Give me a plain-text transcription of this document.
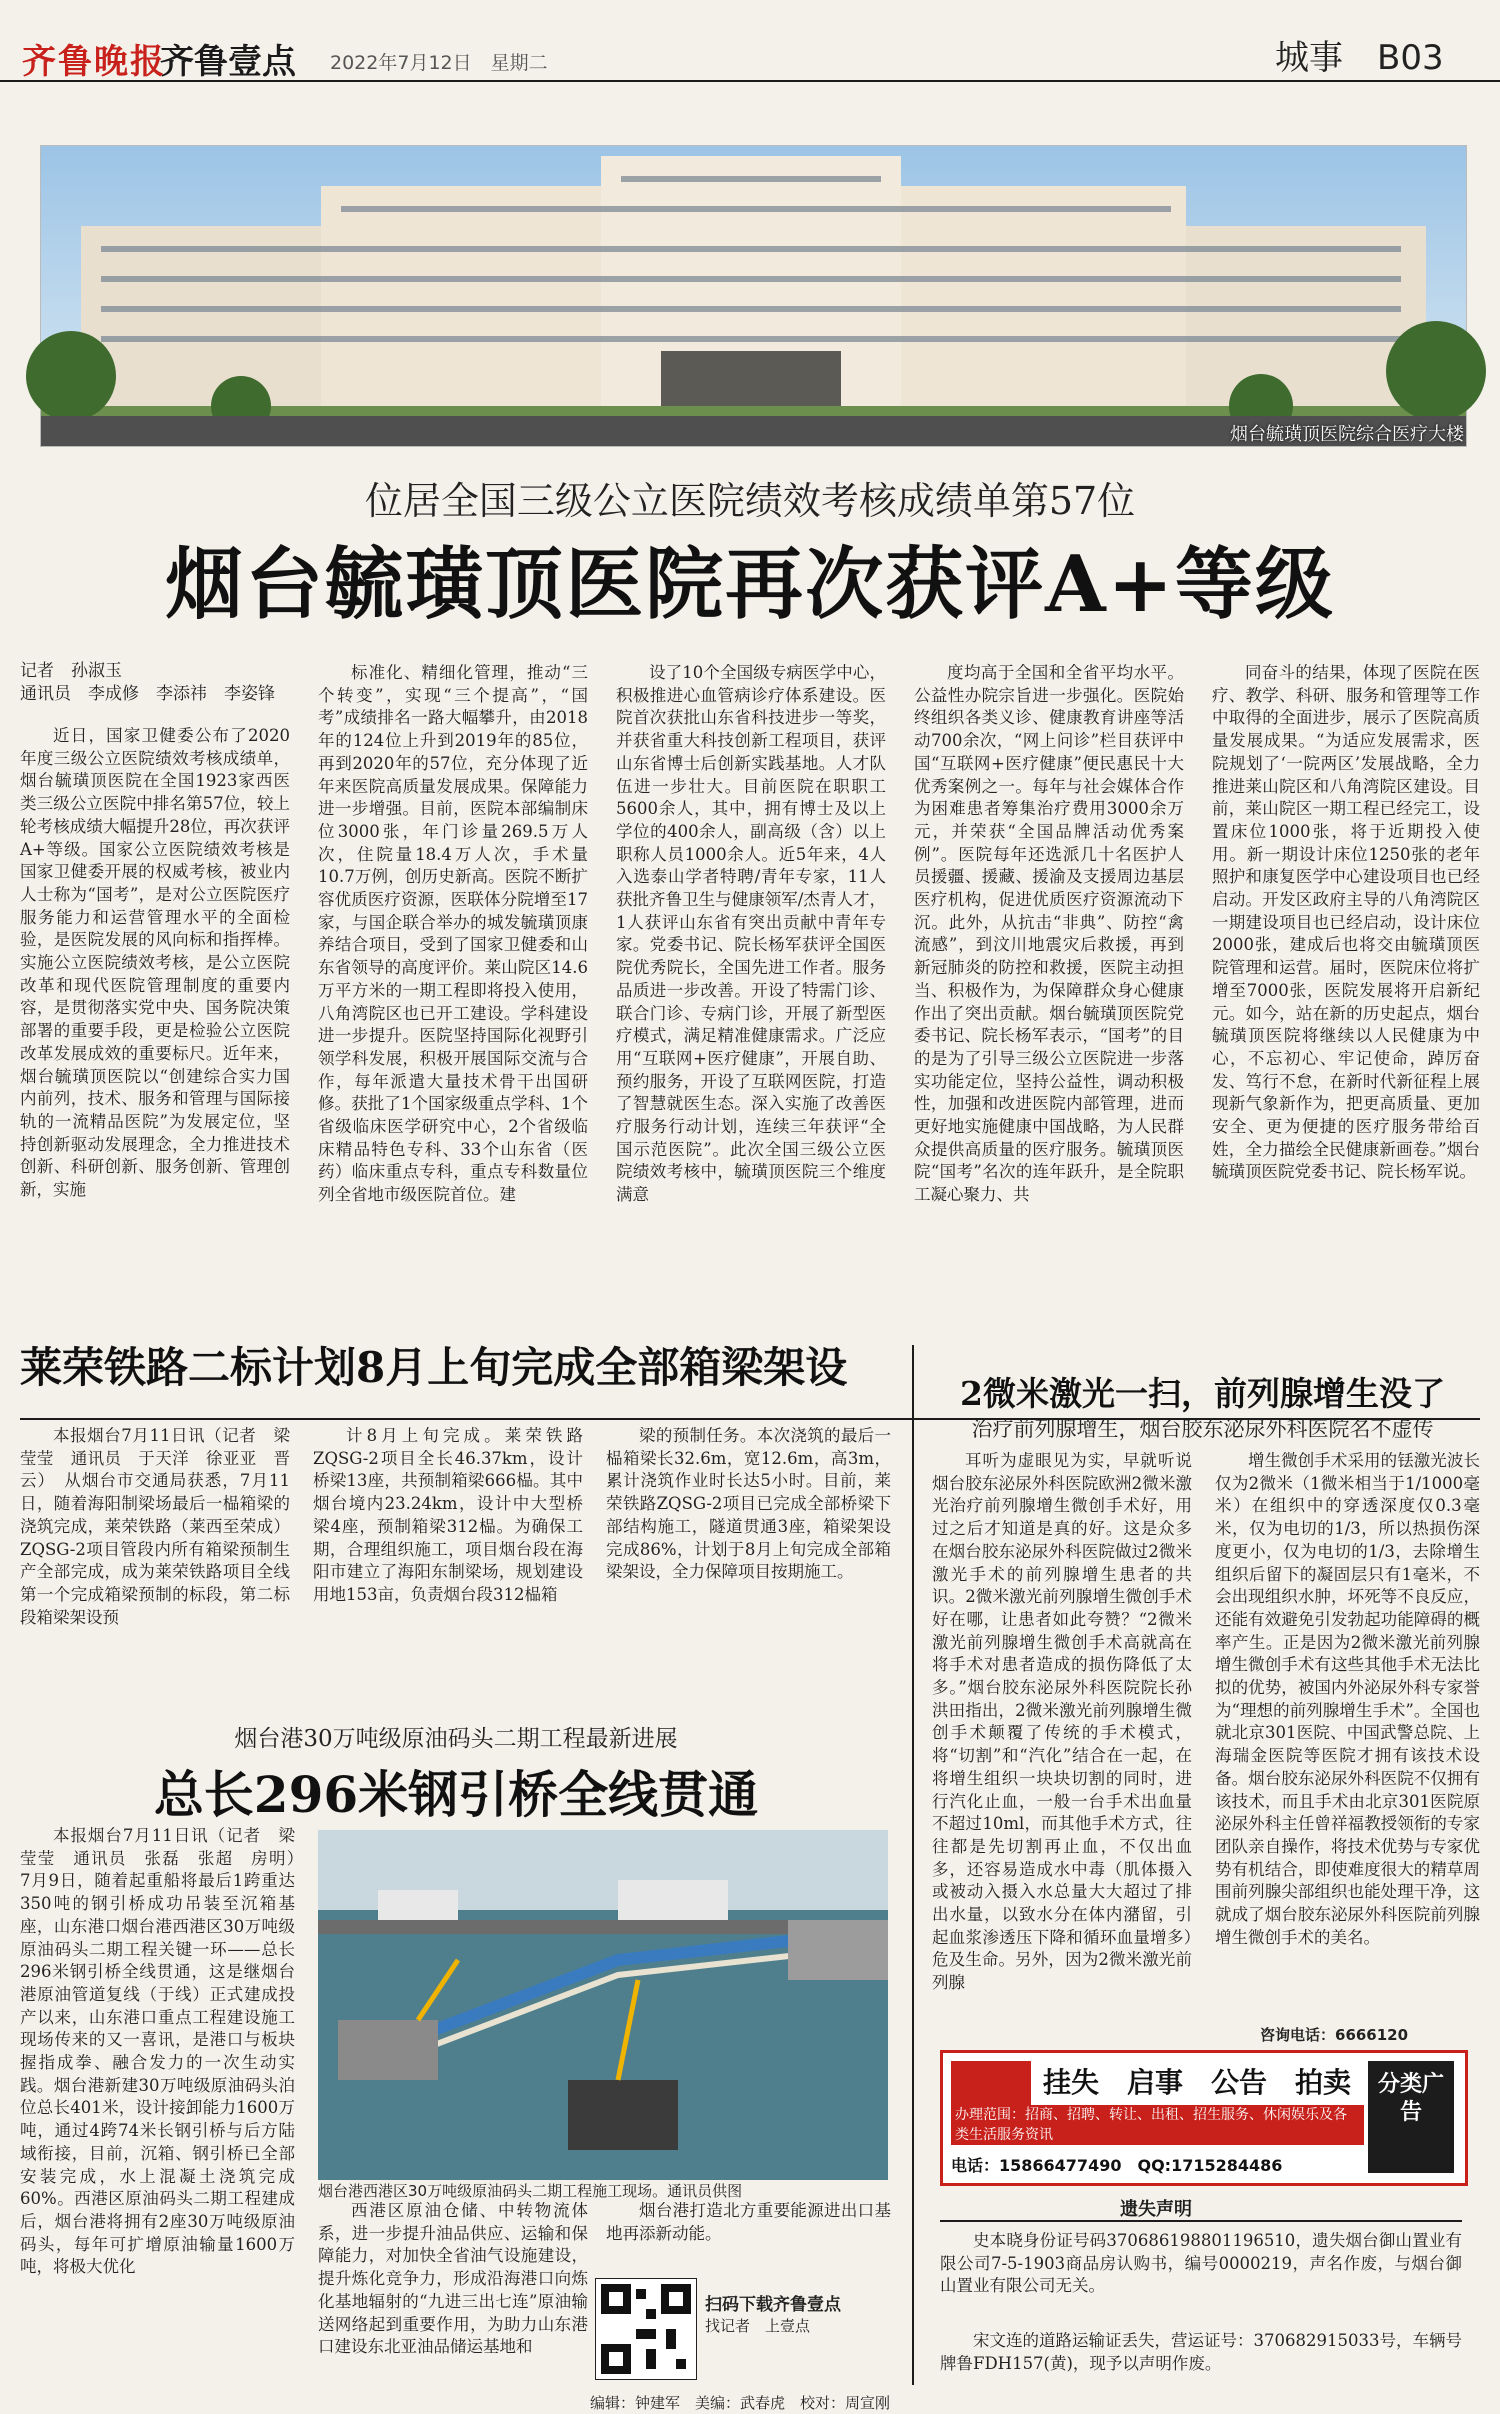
齐鲁晚报
齐鲁壹点 2022年7月12日　 星期二	城事　 B03
烟台毓璜顶医院综合医疗大楼
位居全国三级公立医院绩效考核成绩单第57位
烟台毓璜顶医院再次获评A+等级
记者　孙淑玉
通讯员　李成修　李添祎　李姿锋

近日，国家卫健委公布了2020年度三级公立医院绩效考核成绩单，烟台毓璜顶医院在全国1923家西医类三级公立医院中排名第57位，较上轮考核成绩大幅提升28位，再次获评A+等级。国家公立医院绩效考核是国家卫健委开展的权威考核，被业内人士称为“国考”，是对公立医院医疗服务能力和运营管理水平的全面检验，是医院发展的风向标和指挥棒。实施公立医院绩效考核，是公立医院改革和现代医院管理制度的重要内容，是贯彻落实党中央、国务院决策部署的重要手段，更是检验公立医院改革发展成效的重要标尺。近年来，烟台毓璜顶医院以“创建综合实力国内前列，技术、服务和管理与国际接轨的一流精品医院”为发展定位，坚持创新驱动发展理念，全力推进技术创新、科研创新、服务创新、管理创新，实施

标准化、精细化管理，推动“三个转变”，实现“三个提高”，“国考”成绩排名一路大幅攀升，由2018年的124位上升到2019年的85位，再到2020年的57位，充分体现了近年来医院高质量发展成果。保障能力进一步增强。目前，医院本部编制床位3000张，年门诊量269.5万人次，住院量18.4万人次，手术量10.7万例，创历史新高。医院不断扩容优质医疗资源，医联体分院增至17家，与国企联合举办的城发毓璜顶康养结合项目，受到了国家卫健委和山东省领导的高度评价。莱山院区14.6万平方米的一期工程即将投入使用，八角湾院区也已开工建设。学科建设进一步提升。医院坚持国际化视野引领学科发展，积极开展国际交流与合作，每年派遣大量技术骨干出国研修。获批了1个国家级重点学科、1个省级临床医学研究中心，2个省级临床精品特色专科、33个山东省（医药）临床重点专科，重点专科数量位列全省地市级医院首位。建

设了10个全国级专病医学中心，积极推进心血管病诊疗体系建设。医院首次获批山东省科技进步一等奖，并获省重大科技创新工程项目，获评山东省博士后创新实践基地。人才队伍进一步壮大。目前医院在职职工5600余人，其中，拥有博士及以上学位的400余人，副高级（含）以上职称人员1000余人。近5年来，4人入选泰山学者特聘/青年专家，11人获批齐鲁卫生与健康领军/杰青人才，1人获评山东省有突出贡献中青年专家。党委书记、院长杨军获评全国医院优秀院长，全国先进工作者。服务品质进一步改善。开设了特需门诊、联合门诊、专病门诊，开展了新型医疗模式，满足精准健康需求。广泛应用“互联网+医疗健康”，开展自助、预约服务，开设了互联网医院，打造了智慧就医生态。深入实施了改善医疗服务行动计划，连续三年获评“全国示范医院”。此次全国三级公立医院绩效考核中，毓璜顶医院三个维度满意

度均高于全国和全省平均水平。公益性办院宗旨进一步强化。医院始终组织各类义诊、健康教育讲座等活动700余次，“网上问诊”栏目获评中国“互联网+医疗健康”便民惠民十大优秀案例之一。每年与社会媒体合作为困难患者筹集治疗费用3000余万元，并荣获“全国品牌活动优秀案例”。医院每年还选派几十名医护人员援疆、援藏、援渝及支援周边基层医疗机构，促进优质医疗资源流动下沉。此外，从抗击“非典”、防控“禽流感”，到汶川地震灾后救援，再到新冠肺炎的防控和救援，医院主动担当、积极作为，为保障群众身心健康作出了突出贡献。烟台毓璜顶医院党委书记、院长杨军表示，“国考”的目的是为了引导三级公立医院进一步落实功能定位，坚持公益性，调动积极性，加强和改进医院内部管理，进而更好地实施健康中国战略，为人民群众提供高质量的医疗服务。毓璜顶医院“国考”名次的连年跃升，是全院职工凝心聚力、共

同奋斗的结果，体现了医院在医疗、教学、科研、服务和管理等工作中取得的全面进步，展示了医院高质量发展成果。“为适应发展需求，医院规划了‘一院两区’发展战略，全力推进莱山院区和八角湾院区建设。目前，莱山院区一期工程已经完工，设置床位1000张，将于近期投入使用。新一期设计床位1250张的老年照护和康复医学中心建设项目也已经启动。开发区政府主导的八角湾院区一期建设项目也已经启动，设计床位2000张，建成后也将交由毓璜顶医院管理和运营。届时，医院床位将扩增至7000张，医院发展将开启新纪元。如今，站在新的历史起点，烟台毓璜顶医院将继续以人民健康为中心，不忘初心、牢记使命，踔厉奋发、笃行不怠，在新时代新征程上展现新气象新作为，把更高质量、更加安全、更为便捷的医疗服务带给百姓，全力描绘全民健康新画卷。”烟台毓璜顶医院党委书记、院长杨军说。

莱荣铁路二标计划8月上旬完成全部箱梁架设

本报烟台7月11日讯（记者　梁莹莹　通讯员　于天洋　徐亚亚　晋云）　从烟台市交通局获悉，7月11日，随着海阳制梁场最后一榀箱梁的浇筑完成，莱荣铁路（莱西至荣成）ZQSG-2项目管段内所有箱梁预制生产全部完成，成为莱荣铁路项目全线第一个完成箱梁预制的标段，第二标段箱梁架设预

计8月上旬完成。莱荣铁路ZQSG-2项目全长46.37km，设计桥梁13座，共预制箱梁666榀。其中烟台境内23.24km，设计中大型桥梁4座，预制箱梁312榀。为确保工期，合理组织施工，项目烟台段在海阳市建立了海阳东制梁场，规划建设用地153亩，负责烟台段312榀箱

梁的预制任务。本次浇筑的最后一榀箱梁长32.6m，宽12.6m，高3m，累计浇筑作业时长达5小时。目前，莱荣铁路ZQSG-2项目已完成全部桥梁下部结构施工，隧道贯通3座，箱梁架设完成86%，计划于8月上旬完成全部箱梁架设，全力保障项目按期施工。

烟台港30万吨级原油码头二期工程最新进展
总长296米钢引桥全线贯通

本报烟台7月11日讯（记者　梁莹莹　通讯员　张磊　张超　房明）　7月9日，随着起重船将最后1跨重达350吨的钢引桥成功吊装至沉箱基座，山东港口烟台港西港区30万吨级原油码头二期工程关键一环——总长296米钢引桥全线贯通，这是继烟台港原油管道复线（于线）正式建成投产以来，山东港口重点工程建设施工现场传来的又一喜讯，是港口与板块握指成拳、融合发力的一次生动实践。烟台港新建30万吨级原油码头泊位总长401米，设计接卸能力1600万吨，通过4跨74米长钢引桥与后方陆域衔接，目前，沉箱、钢引桥已全部安装完成，水上混凝土浇筑完成60%。西港区原油码头二期工程建成后，烟台港将拥有2座30万吨级原油码头，每年可扩增原油输量1600万吨，将极大优化

烟台港西港区30万吨级原油码头二期工程施工现场。通讯员供图

西港区原油仓储、中转物流体系，进一步提升油品供应、运输和保障能力，对加快全省油气设施建设，提升炼化竞争力，形成沿海港口向炼化基地辐射的“九进三出七连”原油输送网络起到重要作用，为助力山东港口建设东北亚油品储运基地和

烟台港打造北方重要能源进出口基地再添新动能。

扫码下载齐鲁壹点
找记者　上壹点
编辑：钟建军　美编：武春虎　校对：周宣刚
2微米激光一扫，前列腺增生没了
治疗前列腺增生，烟台胶东泌尿外科医院名不虚传

耳听为虚眼见为实，早就听说烟台胶东泌尿外科医院欧洲2微米激光治疗前列腺增生微创手术好，用过之后才知道是真的好。这是众多在烟台胶东泌尿外科医院做过2微米激光手术的前列腺增生患者的共识。2微米激光前列腺增生微创手术好在哪，让患者如此夸赞？“2微米激光前列腺增生微创手术高就高在将手术对患者造成的损伤降低了太多。”烟台胶东泌尿外科医院院长孙洪田指出，2微米激光前列腺增生微创手术颠覆了传统的手术模式，将“切割”和“汽化”结合在一起，在将增生组织一块块切割的同时，进行汽化止血，一般一台手术出血量不超过10ml，而其他手术方式，往往都是先切割再止血，不仅出血多，还容易造成水中毒（肌体摄入或被动入摄入水总量大大超过了排出水量，以致水分在体内潴留，引起血浆渗透压下降和循环血量增多）危及生命。另外，因为2微米激光前列腺

增生微创手术采用的铥激光波长仅为2微米（1微米相当于1/1000毫米）在组织中的穿透深度仅0.3毫米，仅为电切的1/3，所以热损伤深度更小，仅为电切的1/3，去除增生组织后留下的凝固层只有1毫米，不会出现组织水肿，坏死等不良反应，还能有效避免引发勃起功能障碍的概率产生。正是因为2微米激光前列腺增生微创手术有这些其他手术无法比拟的优势，被国内外泌尿外科专家誉为“理想的前列腺增生手术”。全国也就北京301医院、中国武警总院、上海瑞金医院等医院才拥有该技术设备。烟台胶东泌尿外科医院不仅拥有该技术，而且手术由北京301医院原泌尿外科主任曾祥福教授领衔的专家团队亲自操作，将技术优势与专家优势有机结合，即使难度很大的精草周围前列腺尖部组织也能处理干净，这就成了烟台胶东泌尿外科医院前列腺增生微创手术的美名。

咨询电话：6666120
挂失　启事　公告　拍卖
办理范围：招商、招聘、转让、出租、招生服务、休闲娱乐及各类生活服务资讯
电话：15866477490　QQ:1715284486
分类广告
遗失声明

史本晓身份证号码370686198801196510，遗失烟台御山置业有限公司7-5-1903商品房认购书，编号0000219，声名作废，与烟台御山置业有限公司无关。

宋文连的道路运输证丢失，营运证号：370682915033号，车辆号牌鲁FDH157(黄)，现予以声明作废。
